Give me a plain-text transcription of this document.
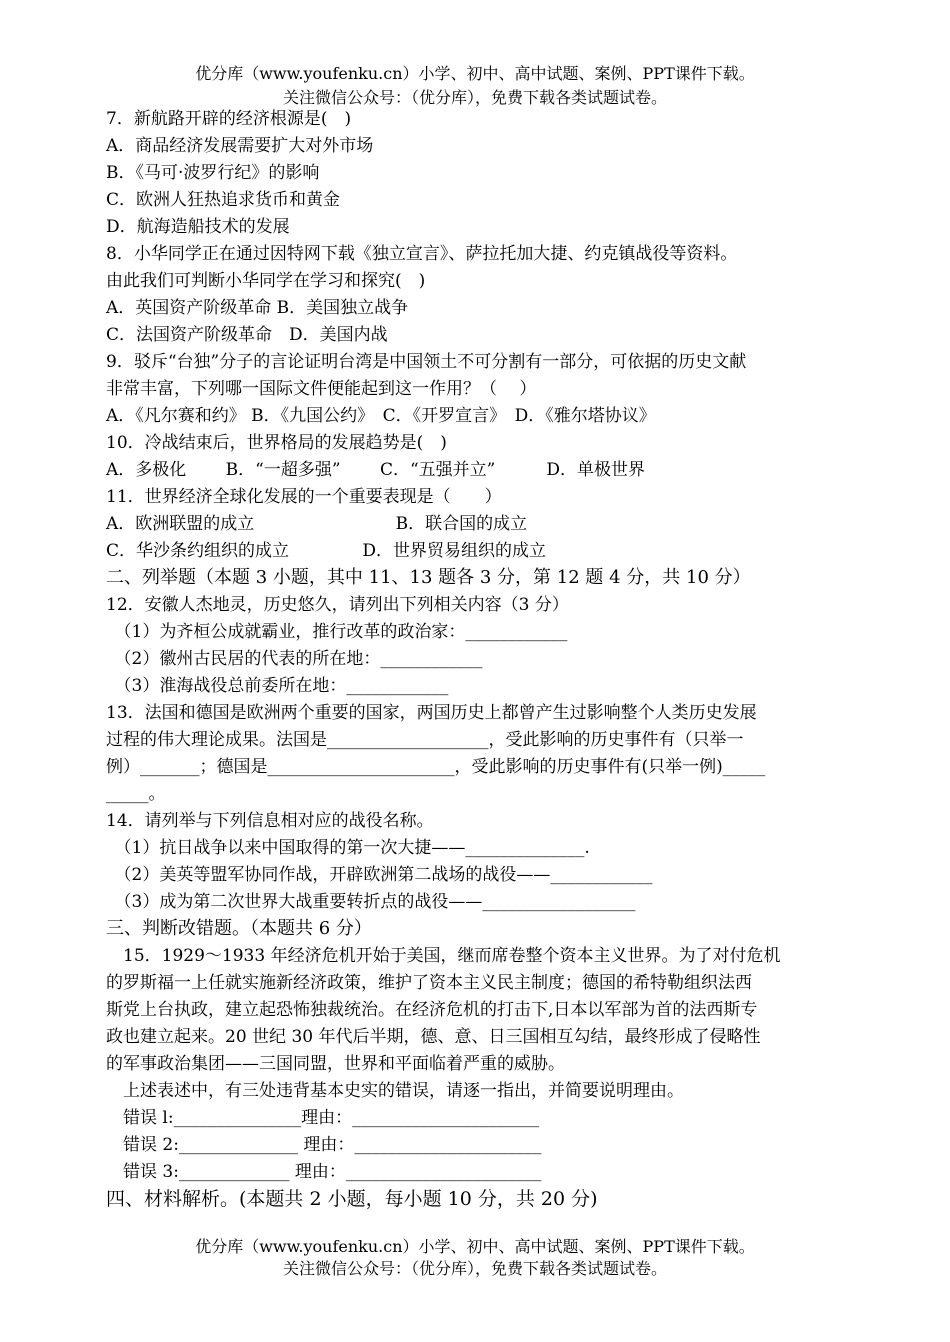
优分库（www.youfenku.cn）小学、初中、高中试题、案例、PPT课件下载。
关注微信公众号：（优分库），免费下载各类试题试卷。
7．新航路开辟的经济根源是(　)
A．商品经济发展需要扩大对外市场
B．《马可·波罗行纪》的影响
C．欧洲人狂热追求货币和黄金
D．航海造船技术的发展
8．小华同学正在通过因特网下载《独立宣言》、萨拉托加大捷、约克镇战役等资料。
由此我们可判断小华同学在学习和探究(　)
A．英国资产阶级革命 B．美国独立战争
C．法国资产阶级革命　D．美国内战
9．驳斥“台独”分子的言论证明台湾是中国领土不可分割有一部分，可依据的历史文献
非常丰富，下列哪一国际文件便能起到这一作用？（　 ）
A．《凡尔赛和约》 B．《九国公约》　C．《开罗宣言》　D．《雅尔塔协议》
10．冷战结束后，世界格局的发展趋势是(　)
A．多极化　　 B．“一超多强”　　 C．“五强并立”　　　D．单极世界
11．世界经济全球化发展的一个重要表现是（　　）
A．欧洲联盟的成立　　　　　　　　 B．联合国的成立
C．华沙条约组织的成立　　　　 D．世界贸易组织的成立
二、列举题（本题 3 小题，其中 11、13 题各 3 分，第 12 题 4 分，共 10 分）
12．安徽人杰地灵，历史悠久，请列出下列相关内容（3 分）
　（1）为齐桓公成就霸业，推行改革的政治家：____________
　（2）徽州古民居的代表的所在地：____________
　（3）淮海战役总前委所在地：____________
13．法国和德国是欧洲两个重要的国家，两国历史上都曾产生过影响整个人类历史发展
过程的伟大理论成果。法国是___________________，受此影响的历史事件有（只举一
例）_______；德国是______________________，受此影响的历史事件有(只举一例)_____
_____。
14．请列举与下列信息相对应的战役名称。
　（1）抗日战争以来中国取得的第一次大捷——______________.
　（2）美英等盟军协同作战，开辟欧洲第二战场的战役——____________
　（3）成为第二次世界大战重要转折点的战役——__________________
三、判断改错题。（本题共 6 分）
　15．1929～1933 年经济危机开始于美国，继而席卷整个资本主义世界。为了对付危机
的罗斯福一上任就实施新经济政策，维护了资本主义民主制度；德国的希特勒组织法西
斯党上台执政，建立起恐怖独裁统治。在经济危机的打击下,日本以军部为首的法西斯专
政也建立起来。20 世纪 30 年代后半期，德、意、日三国相互勾结，最终形成了侵略性
的军事政治集团——三国同盟，世界和平面临着严重的威胁。
　上述表述中，有三处违背基本史实的错误，请逐一指出，并简要说明理由。
　错误 l:_______________理由：______________________
　错误 2:______________ 理由：______________________
　错误 3:_____________ 理由：_______________________
四、材料解析。(本题共 2 小题，每小题 10 分，共 20 分)
优分库（www.youfenku.cn）小学、初中、高中试题、案例、PPT课件下载。
关注微信公众号：（优分库），免费下载各类试题试卷。
